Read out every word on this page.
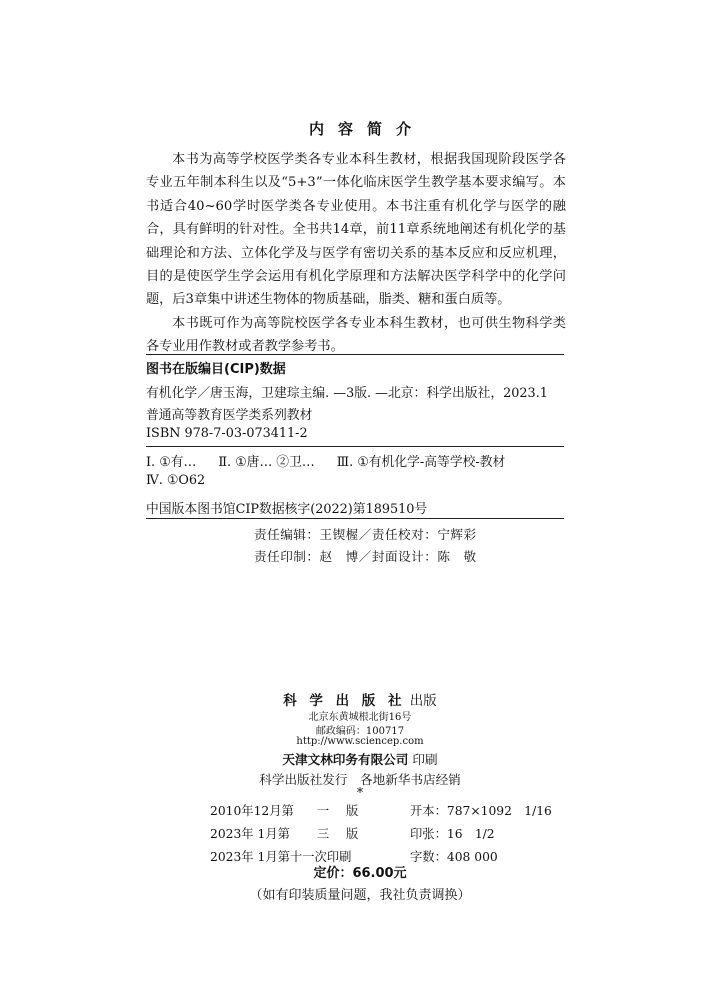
内容简介

本书为高等学校医学类各专业本科生教材，根据我国现阶段医学各专业五年制本科生以及“5+3”一体化临床医学生教学基本要求编写。本书适合40~60学时医学类各专业使用。本书注重有机化学与医学的融合，具有鲜明的针对性。全书共14章，前11章系统地阐述有机化学的基础理论和方法、立体化学及与医学有密切关系的基本反应和反应机理，目的是使医学生学会运用有机化学原理和方法解决医学科学中的化学问题，后3章集中讲述生物体的物质基础，脂类、糖和蛋白质等。

本书既可作为高等院校医学各专业本科生教材，也可供生物科学类各专业用作教材或者教学参考书。

图书在版编目(CIP)数据
有机化学／唐玉海，卫建琮主编. —3版. —北京：科学出版社，2023.1
普通高等教育医学类系列教材
ISBN 978-7-03-073411-2
Ⅰ. ①有… Ⅱ. ①唐… ②卫… Ⅲ. ①有机化学-高等学校-教材
Ⅳ. ①O62
中国版本图书馆CIP数据核字(2022)第189510号
责任编辑：王锲楃／责任校对：宁辉彩
责任印制：赵　博／封面设计：陈　敬
科 学 出 版 社 出版
北京东黄城根北街16号
邮政编码：100717
http://www.sciencep.com
天津文林印务有限公司 印刷
科学出版社发行　各地新华书店经销
*
2010年12月第 一 版	开本：787×1092　1/16
2023年 1月第 三 版	印张：16　1/2
2023年 1月第十一次印刷	字数：408 000
定价：66.00元
（如有印装质量问题，我社负责调换）
